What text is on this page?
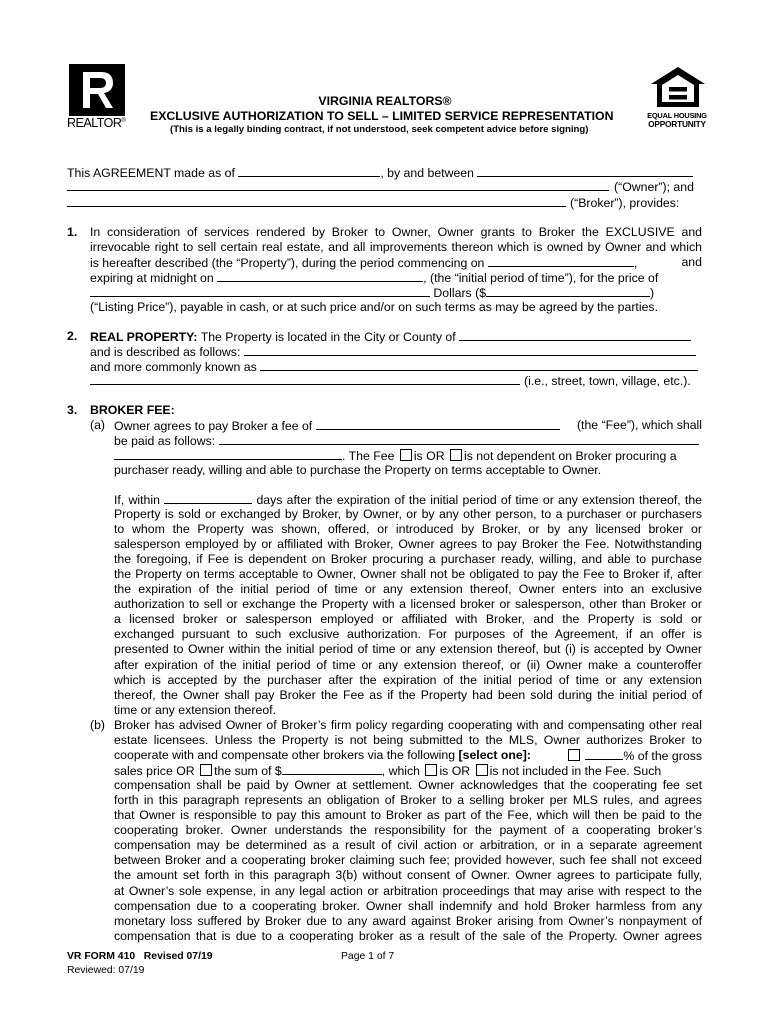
REALTOR®
VIRGINIA REALTORS®
EXCLUSIVE AUTHORIZATION TO SELL – LIMITED SERVICE REPRESENTATION
(This is a legally binding contract, if not understood, seek competent advice before signing)
EQUAL HOUSING
OPPORTUNITY
This AGREEMENT made as of	, by and between
(“Owner”); and
(“Broker”), provides:
1. In consideration of services rendered by Broker to Owner, Owner grants to Broker the EXCLUSIVE and
irrevocable right to sell certain real estate, and all improvements thereon which is owned by Owner and which
is hereafter described (the “Property”), during the period commencing on	,	and
expiring at midnight on	, (the “initial period of time”), for the price of
Dollars ($	)
(“Listing Price”), payable in cash, or at such price and/or on such terms as may be agreed by the parties.
2. REAL PROPERTY: The Property is located in the City or County of
and is described as follows:
and more commonly known as
(i.e., street, town, village, etc.).
3. BROKER FEE:
(a) Owner agrees to pay Broker a fee of	(the “Fee”), which shall
be paid as follows:
. The Fee is OR is not dependent on Broker procuring a
purchaser ready, willing and able to purchase the Property on terms acceptable to Owner.
If, within	days after the expiration of the initial period of time or any extension thereof, the
Property is sold or exchanged by Broker, by Owner, or by any other person, to a purchaser or purchasers
to whom the Property was shown, offered, or introduced by Broker, or by any licensed broker or
salesperson employed by or affiliated with Broker, Owner agrees to pay Broker the Fee. Notwithstanding
the foregoing, if Fee is dependent on Broker procuring a purchaser ready, willing, and able to purchase
the Property on terms acceptable to Owner, Owner shall not be obligated to pay the Fee to Broker if, after
the expiration of the initial period of time or any extension thereof, Owner enters into an exclusive
authorization to sell or exchange the Property with a licensed broker or salesperson, other than Broker or
a licensed broker or salesperson employed or affiliated with Broker, and the Property is sold or
exchanged pursuant to such exclusive authorization. For purposes of the Agreement, if an offer is
presented to Owner within the initial period of time or any extension thereof, but (i) is accepted by Owner
after expiration of the initial period of time or any extension thereof, or (ii) Owner make a counteroffer
which is accepted by the purchaser after the expiration of the initial period of time or any extension
thereof, the Owner shall pay Broker the Fee as if the Property had been sold during the initial period of
time or any extension thereof.
(b) Broker has advised Owner of Broker’s firm policy regarding cooperating with and compensating other real
estate licensees. Unless the Property is not being submitted to the MLS, Owner authorizes Broker to
cooperate with and compensate other brokers via the following [select one]:	% of the gross
sales price OR the sum of $	, which is OR is not included in the Fee. Such
compensation shall be paid by Owner at settlement. Owner acknowledges that the cooperating fee set
forth in this paragraph represents an obligation of Broker to a selling broker per MLS rules, and agrees
that Owner is responsible to pay this amount to Broker as part of the Fee, which will then be paid to the
cooperating broker. Owner understands the responsibility for the payment of a cooperating broker’s
compensation may be determined as a result of civil action or arbitration, or in a separate agreement
between Broker and a cooperating broker claiming such fee; provided however, such fee shall not exceed
the amount set forth in this paragraph 3(b) without consent of Owner. Owner agrees to participate fully,
at Owner’s sole expense, in any legal action or arbitration proceedings that may arise with respect to the
compensation due to a cooperating broker. Owner shall indemnify and hold Broker harmless from any
monetary loss suffered by Broker due to any award against Broker arising from Owner’s nonpayment of
compensation that is due to a cooperating broker as a result of the sale of the Property. Owner agrees
VR FORM 410   Revised 07/19
Reviewed: 07/19
Page 1 of 7
